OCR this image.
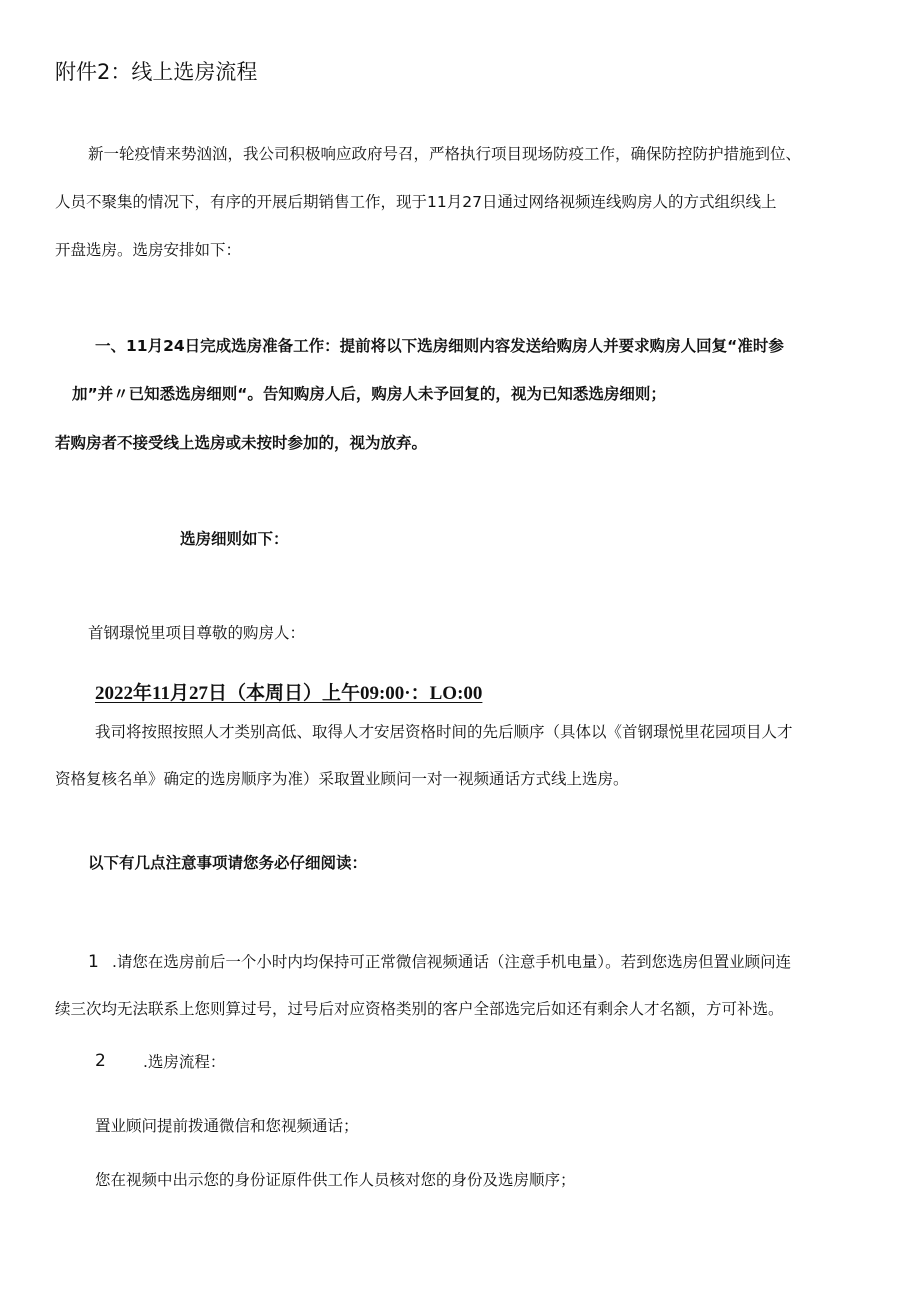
附件2：线上选房流程
新一轮疫情来势汹汹，我公司积极响应政府号召，严格执行项目现场防疫工作，确保防控防护措施到位、
人员不聚集的情况下，有序的开展后期销售工作，现于11月27日通过网络视频连线购房人的方式组织线上
开盘选房。选房安排如下：
一、11月24日完成选房准备工作：提前将以下选房细则内容发送给购房人并要求购房人回复“准时参
加”并〃已知悉选房细则“。告知购房人后，购房人未予回复的，视为已知悉选房细则；
若购房者不接受线上选房或未按时参加的，视为放弃。
选房细则如下：
首钢璟悦里项目尊敬的购房人：
2022年11月27日（本周日）上午09:00·：LO:00
我司将按照按照人才类别高低、取得人才安居资格时间的先后顺序（具体以《首钢璟悦里花园项目人才
资格复核名单》确定的选房顺序为准）采取置业顾问一对一视频通话方式线上选房。
以下有几点注意事项请您务必仔细阅读：
1 .请您在选房前后一个小时内均保持可正常微信视频通话（注意手机电量）。若到您选房但置业顾问连
续三次均无法联系上您则算过号，过号后对应资格类别的客户全部选完后如还有剩余人才名额，方可补选。
2 .选房流程：
置业顾问提前拨通微信和您视频通话；
您在视频中出示您的身份证原件供工作人员核对您的身份及选房顺序；
